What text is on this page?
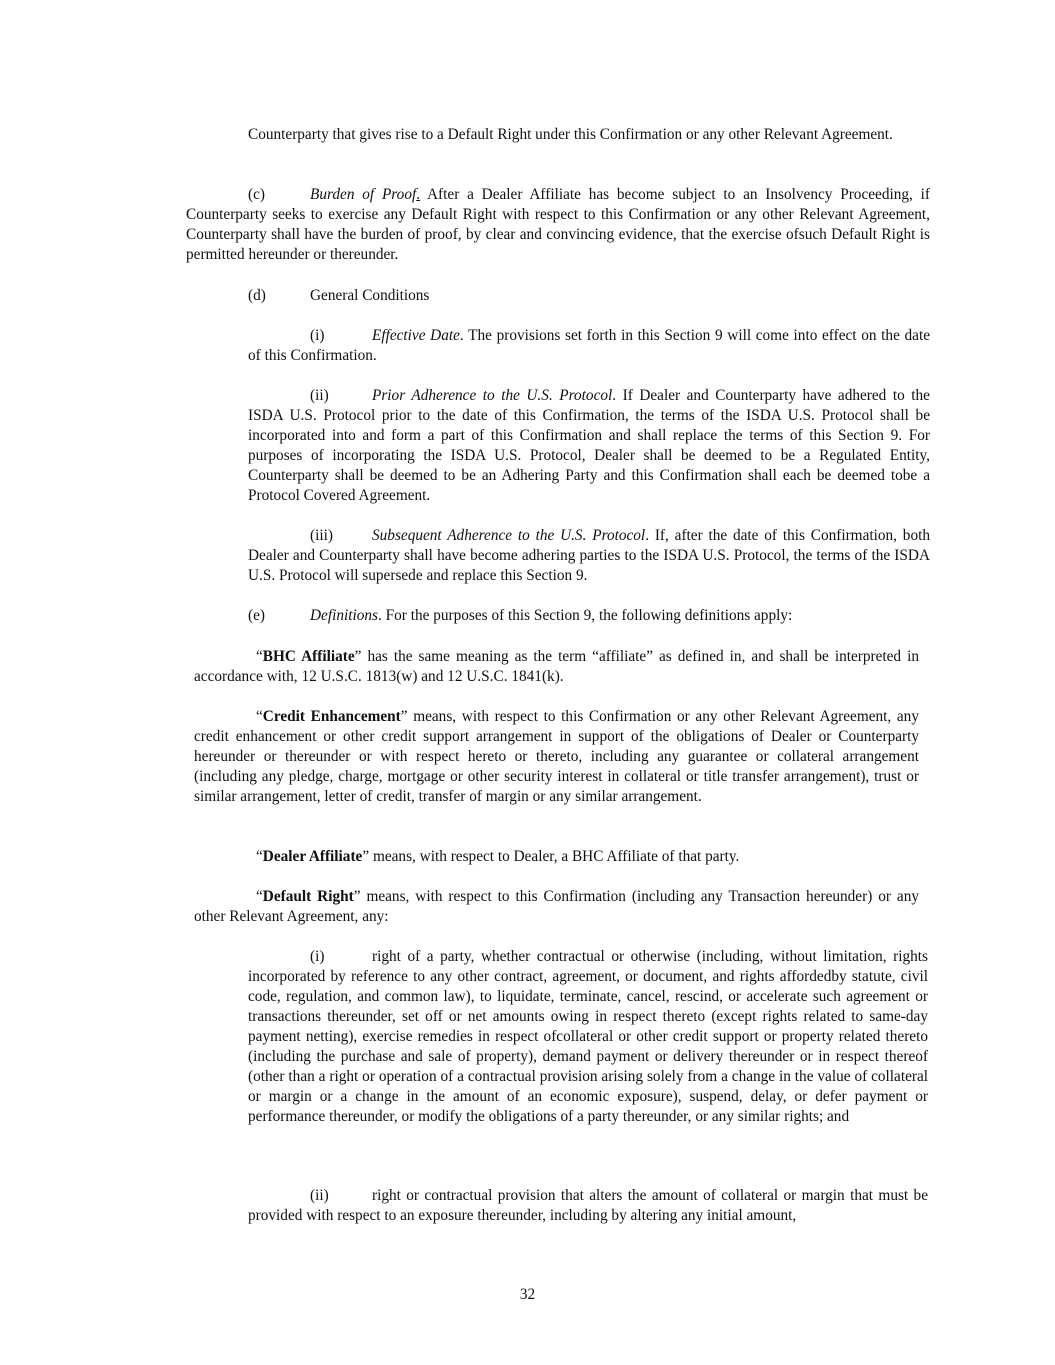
Counterparty that gives rise to a Default Right under this Confirmation or any other Relevant Agreement.

(c)	Burden of Proof. After a Dealer Affiliate has become subject to an Insolvency Proceeding, if Counterparty seeks to exercise any Default Right with respect to this Confirmation or any other Relevant Agreement, Counterparty shall have the burden of proof, by clear and convincing evidence, that the exercise ofsuch Default Right is permitted hereunder or thereunder.

(d)	General Conditions

(i)	Effective Date. The provisions set forth in this Section 9 will come into effect on the date of this Confirmation.

(ii)	Prior Adherence to the U.S. Protocol. If Dealer and Counterparty have adhered to the ISDA U.S. Protocol prior to the date of this Confirmation, the terms of the ISDA U.S. Protocol shall be incorporated into and form a part of this Confirmation and shall replace the terms of this Section 9. For purposes of incorporating the ISDA U.S. Protocol, Dealer shall be deemed to be a Regulated Entity, Counterparty shall be deemed to be an Adhering Party and this Confirmation shall each be deemed tobe a Protocol Covered Agreement.

(iii)	Subsequent Adherence to the U.S. Protocol. If, after the date of this Confirmation, both Dealer and Counterparty shall have become adhering parties to the ISDA U.S. Protocol, the terms of the ISDA U.S. Protocol will supersede and replace this Section 9.

(e)	Definitions. For the purposes of this Section 9, the following definitions apply:

“BHC Affiliate” has the same meaning as the term “affiliate” as defined in, and shall be interpreted in accordance with, 12 U.S.C. 1813(w) and 12 U.S.C. 1841(k).

“Credit Enhancement” means, with respect to this Confirmation or any other Relevant Agreement, any credit enhancement or other credit support arrangement in support of the obligations of Dealer or Counterparty hereunder or thereunder or with respect hereto or thereto, including any guarantee or collateral arrangement (including any pledge, charge, mortgage or other security interest in collateral or title transfer arrangement), trust or similar arrangement, letter of credit, transfer of margin or any similar arrangement.

“Dealer Affiliate” means, with respect to Dealer, a BHC Affiliate of that party.

“Default Right” means, with respect to this Confirmation (including any Transaction hereunder) or any other Relevant Agreement, any:

(i)	right of a party, whether contractual or otherwise (including, without limitation, rights incorporated by reference to any other contract, agreement, or document, and rights affordedby statute, civil code, regulation, and common law), to liquidate, terminate, cancel, rescind, or accelerate such agreement or transactions thereunder, set off or net amounts owing in respect thereto (except rights related to same-day payment netting), exercise remedies in respect ofcollateral or other credit support or property related thereto (including the purchase and sale of property), demand payment or delivery thereunder or in respect thereof (other than a right or operation of a contractual provision arising solely from a change in the value of collateral or margin or a change in the amount of an economic exposure), suspend, delay, or defer payment or performance thereunder, or modify the obligations of a party thereunder, or any similar rights; and

(ii)	right or contractual provision that alters the amount of collateral or margin that must be provided with respect to an exposure thereunder, including by altering any initial amount,

32
